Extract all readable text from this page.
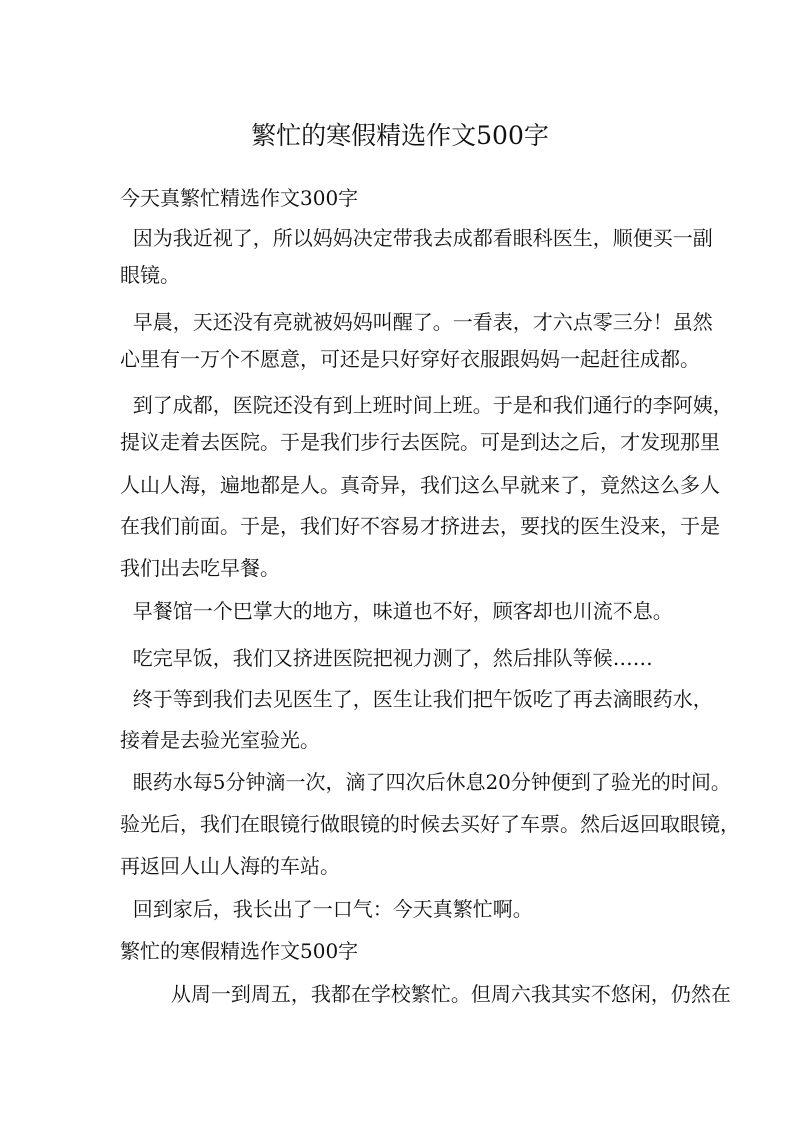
繁忙的寒假精选作文500字
今天真繁忙精选作文300字
因为我近视了，所以妈妈决定带我去成都看眼科医生，顺便买一副
眼镜。
早晨，天还没有亮就被妈妈叫醒了。一看表，才六点零三分！虽然
心里有一万个不愿意，可还是只好穿好衣服跟妈妈一起赶往成都。
到了成都，医院还没有到上班时间上班。于是和我们通行的李阿姨，
提议走着去医院。于是我们步行去医院。可是到达之后，才发现那里
人山人海，遍地都是人。真奇异，我们这么早就来了，竟然这么多人
在我们前面。于是，我们好不容易才挤进去，要找的医生没来，于是
我们出去吃早餐。
早餐馆一个巴掌大的地方，味道也不好，顾客却也川流不息。
吃完早饭，我们又挤进医院把视力测了，然后排队等候……
终于等到我们去见医生了，医生让我们把午饭吃了再去滴眼药水，
接着是去验光室验光。
眼药水每5分钟滴一次，滴了四次后休息20分钟便到了验光的时间。
验光后，我们在眼镜行做眼镜的时候去买好了车票。然后返回取眼镜，
再返回人山人海的车站。
回到家后，我长出了一口气：今天真繁忙啊。
繁忙的寒假精选作文500字
从周一到周五，我都在学校繁忙。但周六我其实不悠闲，仍然在
